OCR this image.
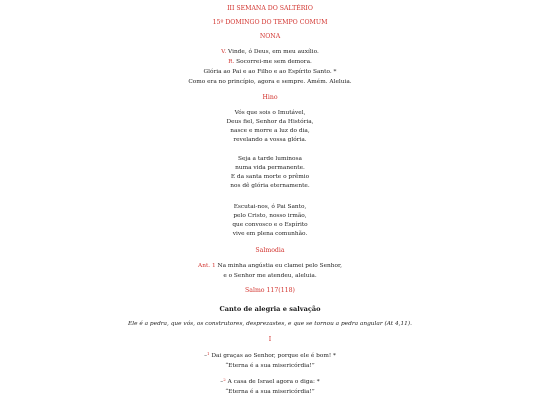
III SEMANA DO SALTÉRIO
15º DOMINGO DO TEMPO COMUM
NONA
V. Vinde, ó Deus, em meu auxílio.
R. Socorrei-me sem demora.
Glória ao Pai e ao Filho e ao Espírito Santo. *
Como era no princípio, agora e sempre. Amém. Aleluia.
Hino
Vós que sois o Imutável,
Deus fiel, Senhor da História,
nasce e morre a luz do dia,
revelando a vossa glória.
Seja a tarde luminosa
numa vida permanente.
E da santa morte o prêmio
nos dê glória eternamente.
Escutai-nos, ó Pai Santo,
pelo Cristo, nosso irmão,
que convosco e o Espírito
vive em plena comunhão.
Salmodia
Ant. 1 Na minha angústia eu clamei pelo Senhor,
e o Senhor me atendeu, aleluia.
Salmo 117(118)
Canto de alegria e salvação
Ele é a pedra, que vós, os construtores, desprezastes, e que se tornou a pedra angular (At 4,11).
I
–$^1$ Dai graças ao Senhor, porque ele é bom! *
“Eterna é a sua misericórdia!”
–$^2$ A casa de Israel agora o diga: *
“Eterna é a sua misericórdia!”
